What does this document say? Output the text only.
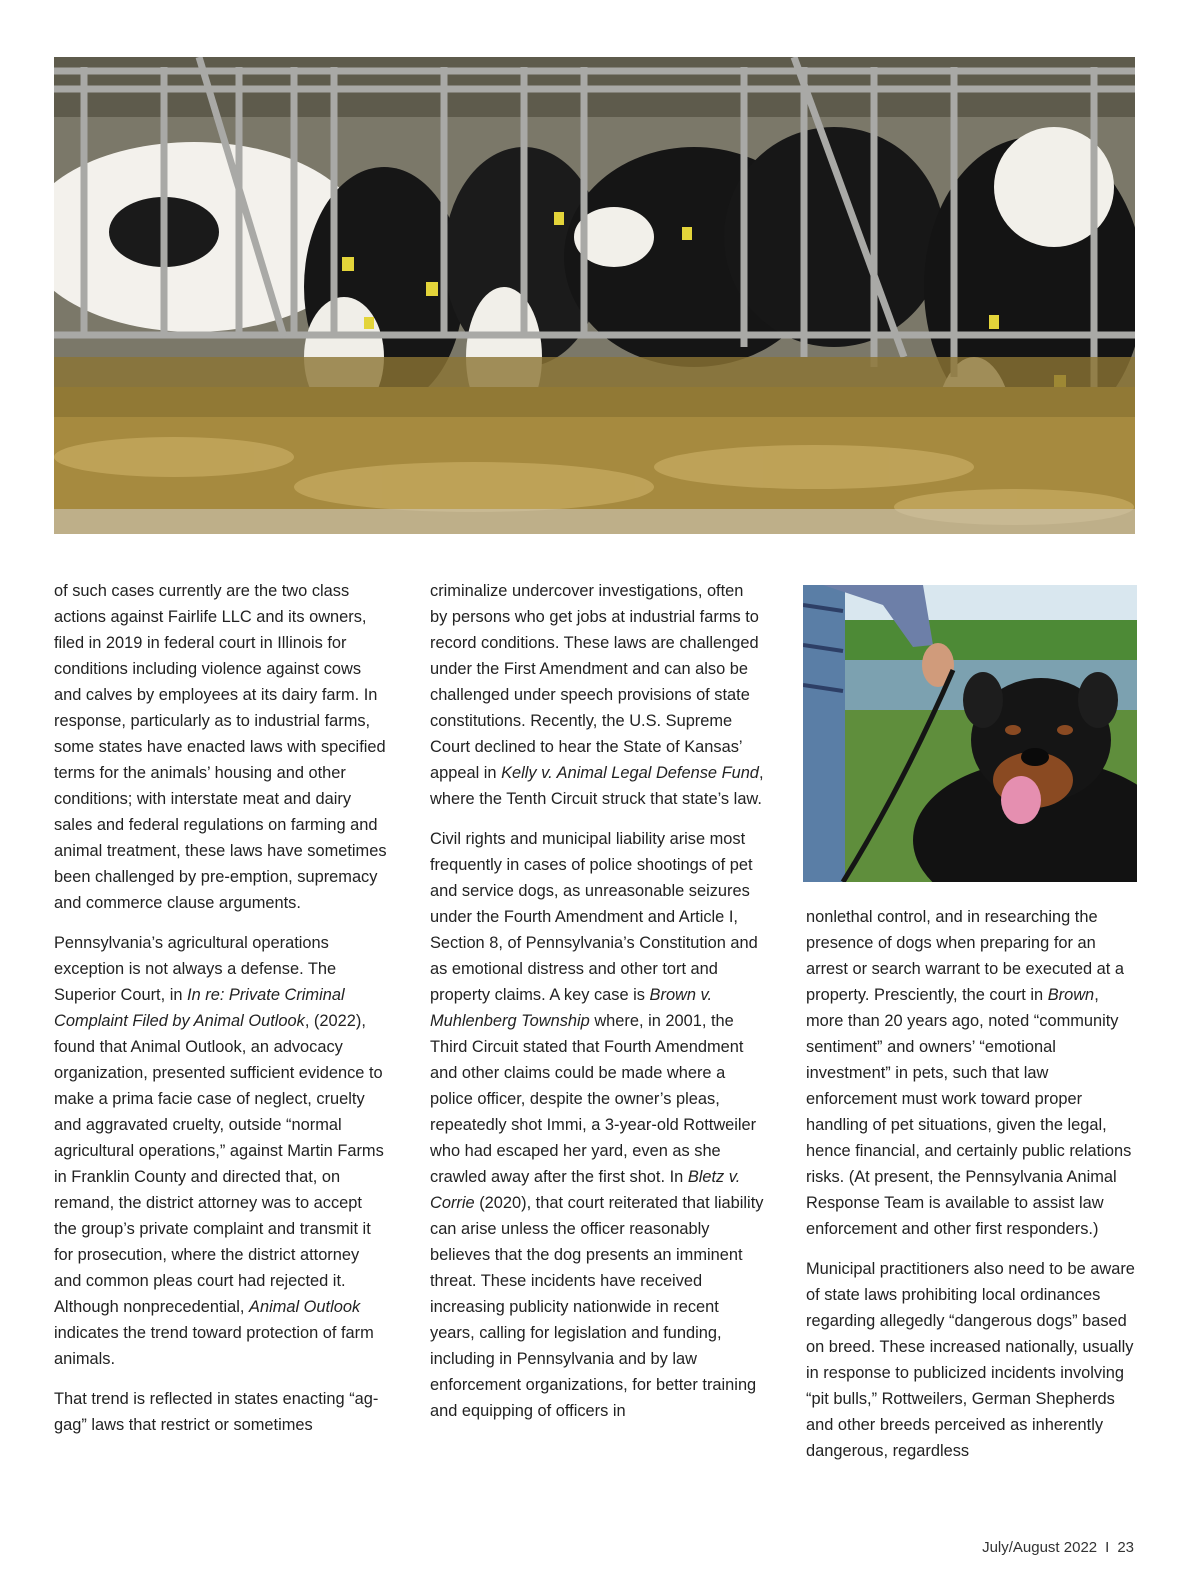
of such cases currently are the two class actions against Fairlife LLC and its owners, filed in 2019 in federal court in Illinois for conditions including violence against cows and calves by employees at its dairy farm. In response, particularly as to industrial farms, some states have enacted laws with specified terms for the animals’ housing and other conditions; with interstate meat and dairy sales and federal regulations on farming and animal treatment, these laws have sometimes been challenged by pre-emption, supremacy and commerce clause arguments.

Pennsylvania’s agricultural operations exception is not always a defense. The Superior Court, in In re: Private Criminal Complaint Filed by Animal Outlook, (2022), found that Animal Outlook, an advocacy organization, presented sufficient evidence to make a prima facie case of neglect, cruelty and aggravated cruelty, outside “normal agricultural operations,” against Martin Farms in Franklin County and directed that, on remand, the district attorney was to accept the group’s private complaint and transmit it for prosecution, where the district attorney and common pleas court had rejected it. Although nonprecedential, Animal Outlook indicates the trend toward protection of farm animals.

That trend is reflected in states enacting “ag-gag” laws that restrict or sometimes

criminalize undercover investigations, often by persons who get jobs at industrial farms to record conditions. These laws are challenged under the First Amendment and can also be challenged under speech provisions of state constitutions. Recently, the U.S. Supreme Court declined to hear the State of Kansas’ appeal in Kelly v. Animal Legal Defense Fund, where the Tenth Circuit struck that state’s law.

Civil rights and municipal liability arise most frequently in cases of police shootings of pet and service dogs, as unreasonable seizures under the Fourth Amendment and Article I, Section 8, of Pennsylvania’s Constitution and as emotional distress and other tort and property claims. A key case is Brown v. Muhlenberg Township where, in 2001, the Third Circuit stated that Fourth Amendment and other claims could be made where a police officer, despite the owner’s pleas, repeatedly shot Immi, a 3-year-old Rottweiler who had escaped her yard, even as she crawled away after the first shot. In Bletz v. Corrie (2020), that court reiterated that liability can arise unless the officer reasonably believes that the dog presents an imminent threat. These incidents have received increasing publicity nationwide in recent years, calling for legislation and funding, including in Pennsylvania and by law enforcement organizations, for better training and equipping of officers in

nonlethal control, and in researching the presence of dogs when preparing for an arrest or search warrant to be executed at a property. Presciently, the court in Brown, more than 20 years ago, noted “community sentiment” and owners’ “emotional investment” in pets, such that law enforcement must work toward proper handling of pet situations, given the legal, hence financial, and certainly public relations risks. (At present, the Pennsylvania Animal Response Team is available to assist law enforcement and other first responders.)

Municipal practitioners also need to be aware of state laws prohibiting local ordinances regarding allegedly “dangerous dogs” based on breed. These increased nationally, usually in response to publicized incidents involving “pit bulls,” Rottweilers, German Shepherds and other breeds perceived as inherently dangerous, regardless

July/August 2022 I 23
